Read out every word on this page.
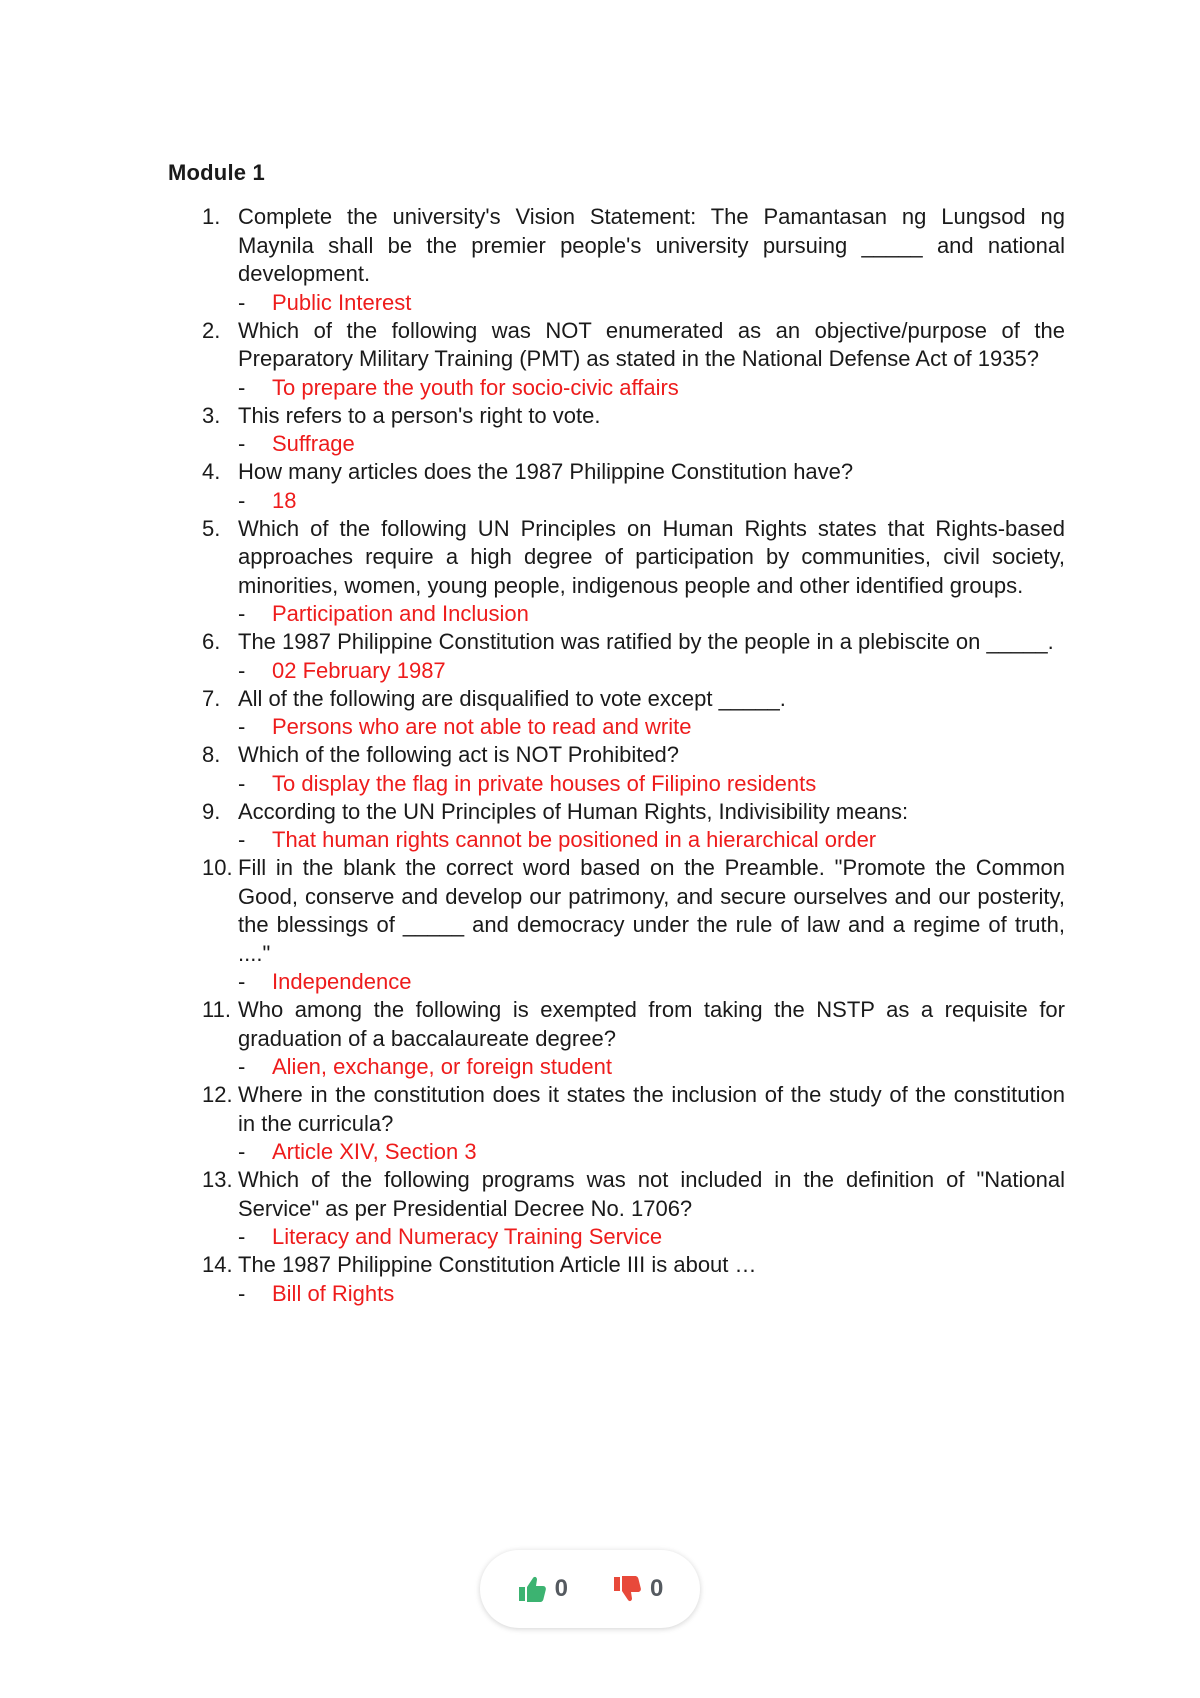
Module 1
1. Complete the university's Vision Statement: The Pamantasan ng Lungsod ng Maynila shall be the premier people's university pursuing _____ and national development.
- Public Interest
2. Which of the following was NOT enumerated as an objective/purpose of the Preparatory Military Training (PMT) as stated in the National Defense Act of 1935?
- To prepare the youth for socio-civic affairs
3. This refers to a person's right to vote.
- Suffrage
4. How many articles does the 1987 Philippine Constitution have?
- 18
5. Which of the following UN Principles on Human Rights states that Rights-based approaches require a high degree of participation by communities, civil society, minorities, women, young people, indigenous people and other identified groups.
- Participation and Inclusion
6. The 1987 Philippine Constitution was ratified by the people in a plebiscite on _____.
- 02 February 1987
7. All of the following are disqualified to vote except _____.
- Persons who are not able to read and write
8. Which of the following act is NOT Prohibited?
- To display the flag in private houses of Filipino residents
9. According to the UN Principles of Human Rights, Indivisibility means:
- That human rights cannot be positioned in a hierarchical order
10. Fill in the blank the correct word based on the Preamble. "Promote the Common Good, conserve and develop our patrimony, and secure ourselves and our posterity, the blessings of _____ and democracy under the rule of law and a regime of truth, ...."
- Independence
11. Who among the following is exempted from taking the NSTP as a requisite for graduation of a baccalaureate degree?
- Alien, exchange, or foreign student
12. Where in the constitution does it states the inclusion of the study of the constitution in the curricula?
- Article XIV, Section 3
13. Which of the following programs was not included in the definition of "National Service" as per Presidential Decree No. 1706?
- Literacy and Numeracy Training Service
14. The 1987 Philippine Constitution Article III is about …
- Bill of Rights
0	0
